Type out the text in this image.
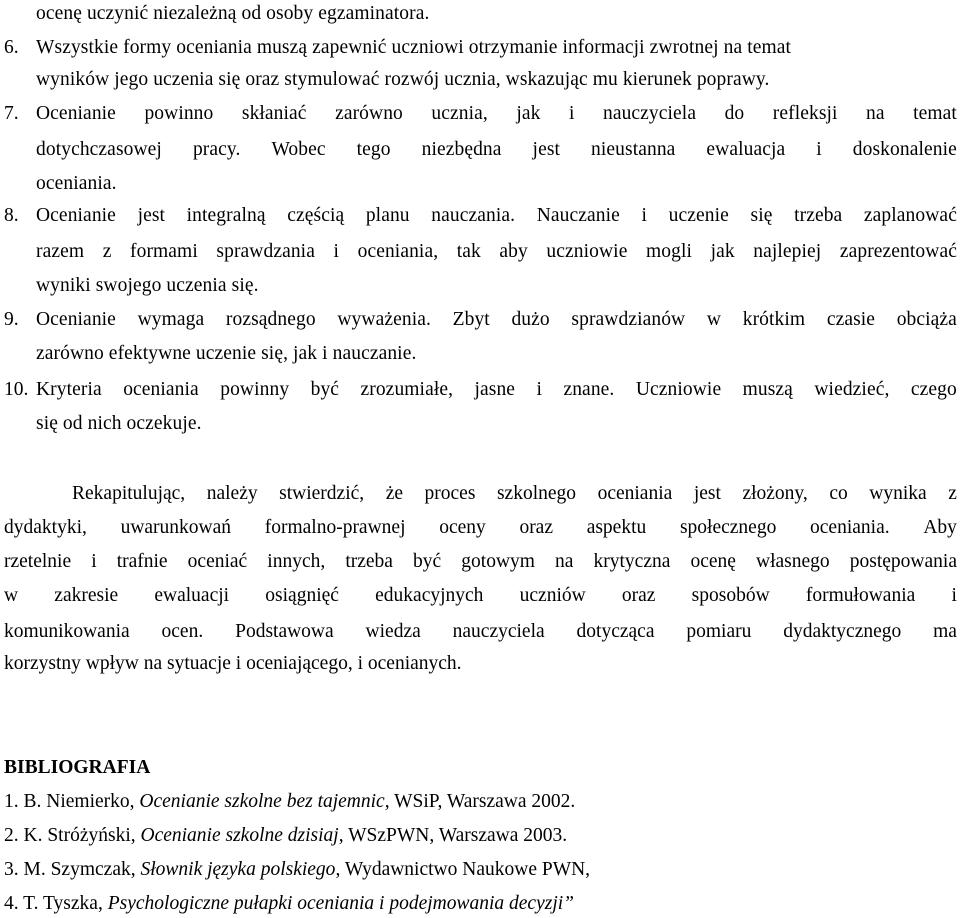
ocenę uczynić niezależną od osoby egzaminatora.
6. Wszystkie formy oceniania muszą zapewnić uczniowi otrzymanie informacji zwrotnej na temat
wyników jego uczenia się oraz stymulować rozwój ucznia, wskazując mu kierunek poprawy.
7. Ocenianie powinno skłaniać zarówno ucznia, jak i nauczyciela do refleksji na temat
dotychczasowej pracy. Wobec tego niezbędna jest nieustanna ewaluacja i doskonalenie
oceniania.
8. Ocenianie jest integralną częścią planu nauczania. Nauczanie i uczenie się trzeba zaplanować
razem z formami sprawdzania i oceniania, tak aby uczniowie mogli jak najlepiej zaprezentować
wyniki swojego uczenia się.
9. Ocenianie wymaga rozsądnego wyważenia. Zbyt dużo sprawdzianów w krótkim czasie obciąża
zarówno efektywne uczenie się, jak i nauczanie.
10. Kryteria oceniania powinny być zrozumiałe, jasne i znane. Uczniowie muszą wiedzieć, czego
się od nich oczekuje.
Rekapitulując, należy stwierdzić, że proces szkolnego oceniania jest złożony, co wynika z
dydaktyki, uwarunkowań formalno-prawnej oceny oraz aspektu społecznego oceniania. Aby
rzetelnie i trafnie oceniać innych, trzeba być gotowym na krytyczna ocenę własnego postępowania
w zakresie ewaluacji osiągnięć edukacyjnych uczniów oraz sposobów formułowania i
komunikowania ocen. Podstawowa wiedza nauczyciela dotycząca pomiaru dydaktycznego ma
korzystny wpływ na sytuacje i oceniającego, i ocenianych.
BIBLIOGRAFIA
1. B. Niemierko, Ocenianie szkolne bez tajemnic, WSiP, Warszawa 2002.
2. K. Stróżyński, Ocenianie szkolne dzisiaj, WSzPWN, Warszawa 2003.
3. M. Szymczak, Słownik języka polskiego, Wydawnictwo Naukowe PWN,
4. T. Tyszka, Psychologiczne pułapki oceniania i podejmowania decyzji”
